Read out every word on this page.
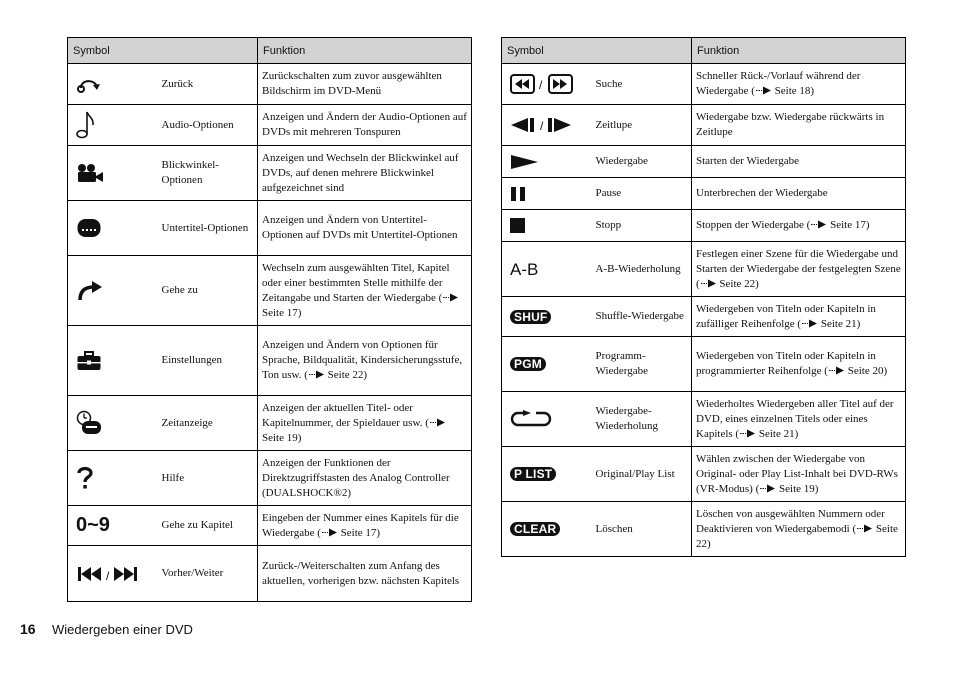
Symbol		Funktion

	Zurück	Zurückschalten zum zuvor ausgewählten Bildschirm im DVD-Menü

	Audio-Optionen	Anzeigen und Ändern der Audio-Optionen auf DVDs mit mehreren Tonspuren

	Blickwinkel-Optionen	Anzeigen und Wechseln der Blickwinkel auf DVDs, auf denen mehrere Blickwinkel aufgezeichnet sind

	Untertitel-Optionen	Anzeigen und Ändern von Untertitel-Optionen auf DVDs mit Untertitel-Optionen

	Gehe zu	Wechseln zum ausgewählten Titel, Kapitel oder einer bestimmten Stelle mithilfe der Zeitangabe und Starten der Wiedergabe ( Seite 17)

	Einstellungen	Anzeigen und Ändern von Optionen für Sprache, Bildqualität, Kindersicherungsstufe, Ton usw. ( Seite 22)

	Zeitanzeige	Anzeigen der aktuellen Titel- oder Kapitelnummer, der Spieldauer usw. ( Seite 19)

	Hilfe	Anzeigen der Funktionen der Direktzugriffstasten des Analog Controller (DUALSHOCK®2)

0~9	Gehe zu Kapitel	Eingeben der Nummer eines Kapitels für die Wiedergabe ( Seite 17)

/	Vorher/Weiter	Zurück-/Weiterschalten zum Anfang des aktuellen, vorherigen bzw. nächsten Kapitels
Symbol		Funktion

/	Suche	Schneller Rück-/Vorlauf während der Wiedergabe ( Seite 18)

/	Zeitlupe	Wiedergabe bzw. Wiedergabe rückwärts in Zeitlupe

	Wiedergabe	Starten der Wiedergabe

	Pause	Unterbrechen der Wiedergabe

	Stopp	Stoppen der Wiedergabe ( Seite 17)

A-B	A-B-Wiederholung	Festlegen einer Szene für die Wiedergabe und Starten der Wiedergabe der festgelegten Szene ( Seite 22)

SHUF	Shuffle-Wiedergabe	Wiedergeben von Titeln oder Kapiteln in zufälliger Reihenfolge ( Seite 21)

PGM	Programm-Wiedergabe	Wiedergeben von Titeln oder Kapiteln in programmierter Reihenfolge ( Seite 20)

	Wiedergabe-Wiederholung	Wiederholtes Wiedergeben aller Titel auf der DVD, eines einzelnen Titels oder eines Kapitels ( Seite 21)

P LIST	Original/Play List	Wählen zwischen der Wiedergabe von Original- oder Play List-Inhalt bei DVD-RWs (VR-Modus) ( Seite 19)

CLEAR	Löschen	Löschen von ausgewählten Nummern oder Deaktivieren von Wiedergabemodi ( Seite 22)
16 Wiedergeben einer DVD
